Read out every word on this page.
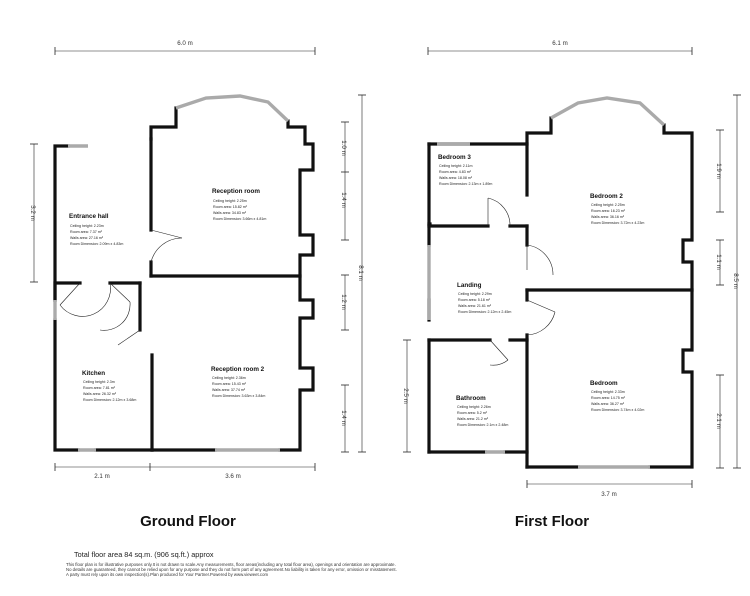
6.0 m
3.2 m
1.0 m
1.4 m
1.2 m
1.4 m
8.1 m
2.1 m	3.6 m
Entrance hall
Ceiling height: 2.23m
Room area: 7.37 m²
Walls area: 27.16 m²
Room Dimension: 2.09m x 4.83m
Reception room
Ceiling height: 2.25m
Room area: 15.82 m²
Walls area: 34.83 m²
Room Dimension: 3.66m x 4.81m
Kitchen
Ceiling height: 2.3m
Room area: 7.81 m²
Walls area: 26.32 m²
Room Dimension: 2.12m x 3.68m
Reception room 2
Ceiling height: 2.36m
Room area: 15.43 m²
Walls area: 37.74 m²
Room Dimension: 3.63m x 3.84m
Ground Floor
6.1 m
2.5 m
1.9 m
1.1 m
2.1 m
8.5 m
3.7 m
Bedroom 3
Ceiling height: 2.11m
Room area: 4.83 m²
Walls area: 18.08 m²
Room Dimension: 2.13m x 1.89m
Bedroom 2
Ceiling height: 2.25m
Room area: 16.23 m²
Walls area: 36.16 m²
Room Dimension: 3.72m x 4.23m
Landing
Ceiling height: 2.29m
Room area: 5.18 m²
Walls area: 21.61 m²
Room Dimension: 2.12m x 2.45m
Bathroom
Ceiling height: 2.26m
Room area: 5.2 m²
Walls area: 21.2 m²
Room Dimension: 2.1m x 2.48m
Bedroom
Ceiling height: 2.33m
Room area: 14.75 m²
Walls area: 36.27 m²
Room Dimension: 3.74m x 4.02m
First Floor
Total floor area 84 sq.m. (906 sq.ft.) approx
This floor plan is for illustrative purposes only.It is not drawn to scale.Any measurements, floor areas(including any total floor area), openings and orientation are approximate.
No details are guaranteed, they cannot be relied upon for any purpose and they do not form part of any agreement.No liability is taken for any error, omission or misstatement.
A party must rely upon its own inspection(s).Plan produced for Your Partner.Powered by www.vieweet.com
